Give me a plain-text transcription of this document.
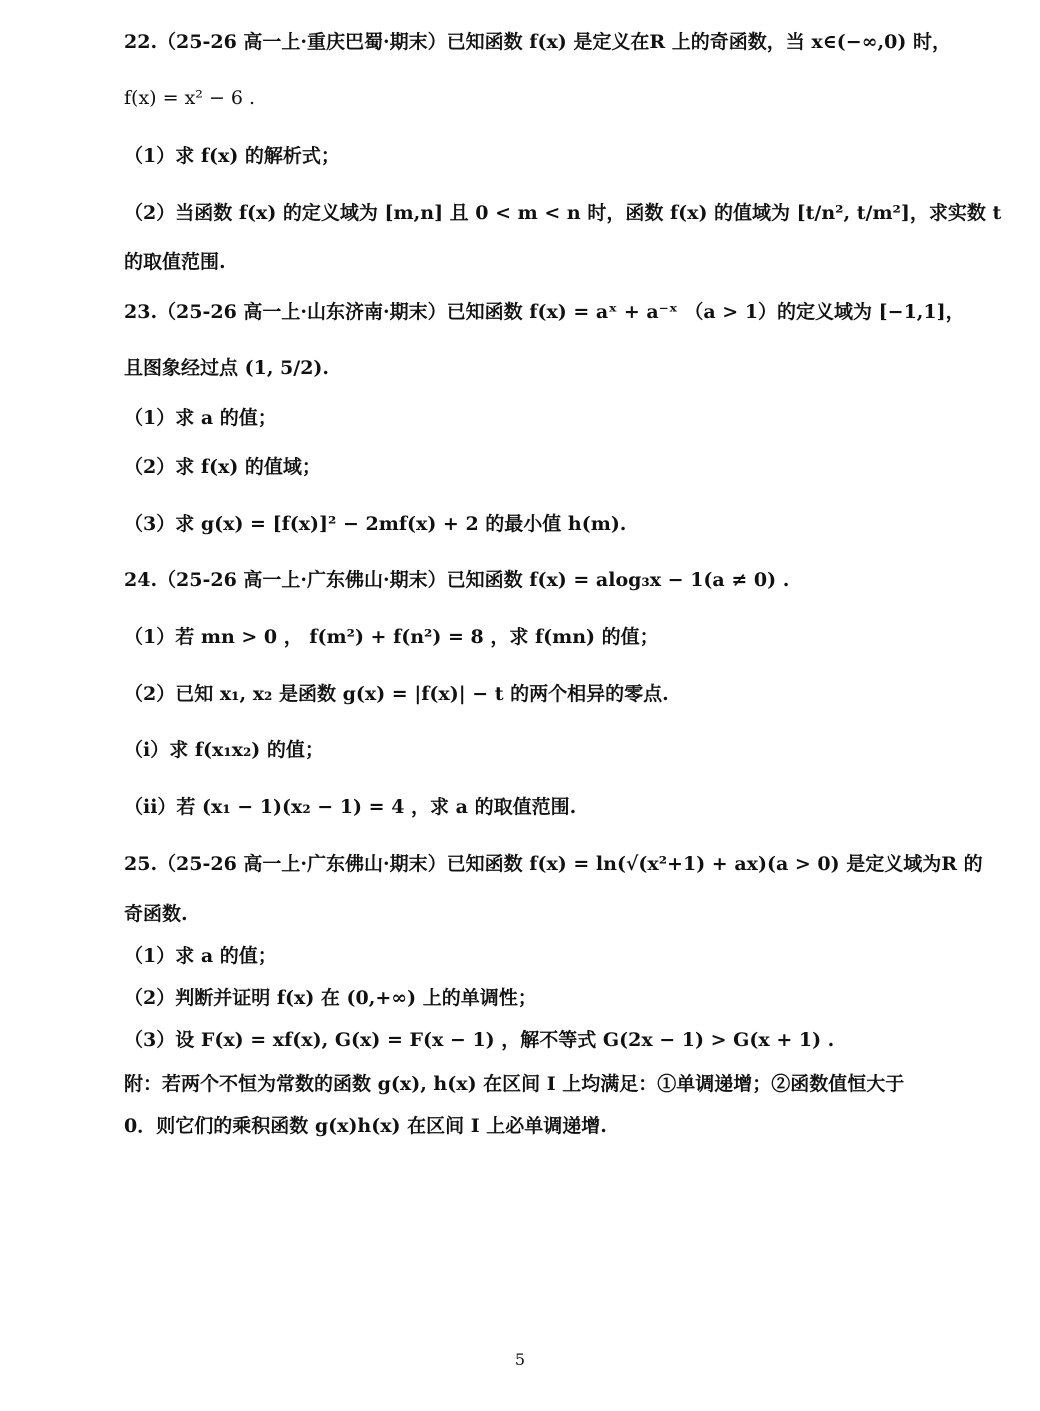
22.（25-26 高一上·重庆巴蜀·期末）已知函数 f(x) 是定义在R 上的奇函数，当 x∈(−∞,0) 时，
f(x) = x² − 6 .
（1）求 f(x) 的解析式；
（2）当函数 f(x) 的定义域为 [m,n] 且 0 < m < n 时，函数 f(x) 的值域为 [t/n², t/m²]，求实数 t
的取值范围.
23.（25-26 高一上·山东济南·期末）已知函数 f(x) = aˣ + a⁻ˣ （a > 1）的定义域为 [−1,1]，
且图象经过点 (1, 5/2).
（1）求 a 的值；
（2）求 f(x) 的值域；
（3）求 g(x) = [f(x)]² − 2mf(x) + 2 的最小值 h(m).
24.（25-26 高一上·广东佛山·期末）已知函数 f(x) = alog₃x − 1(a ≠ 0) .
（1）若 mn > 0 ， f(m²) + f(n²) = 8 ，求 f(mn) 的值；
（2）已知 x₁, x₂ 是函数 g(x) = |f(x)| − t 的两个相异的零点.
（i）求 f(x₁x₂) 的值；
（ii）若 (x₁ − 1)(x₂ − 1) = 4 ，求 a 的取值范围.
25.（25-26 高一上·广东佛山·期末）已知函数 f(x) = ln(√(x²+1) + ax)(a > 0) 是定义域为R 的
奇函数.
（1）求 a 的值；
（2）判断并证明 f(x) 在 (0,+∞) 上的单调性；
（3）设 F(x) = xf(x), G(x) = F(x − 1) ，解不等式 G(2x − 1) > G(x + 1) .
附：若两个不恒为常数的函数 g(x), h(x) 在区间 I 上均满足：①单调递增；②函数值恒大于
0．则它们的乘积函数 g(x)h(x) 在区间 I 上必单调递增.
5
